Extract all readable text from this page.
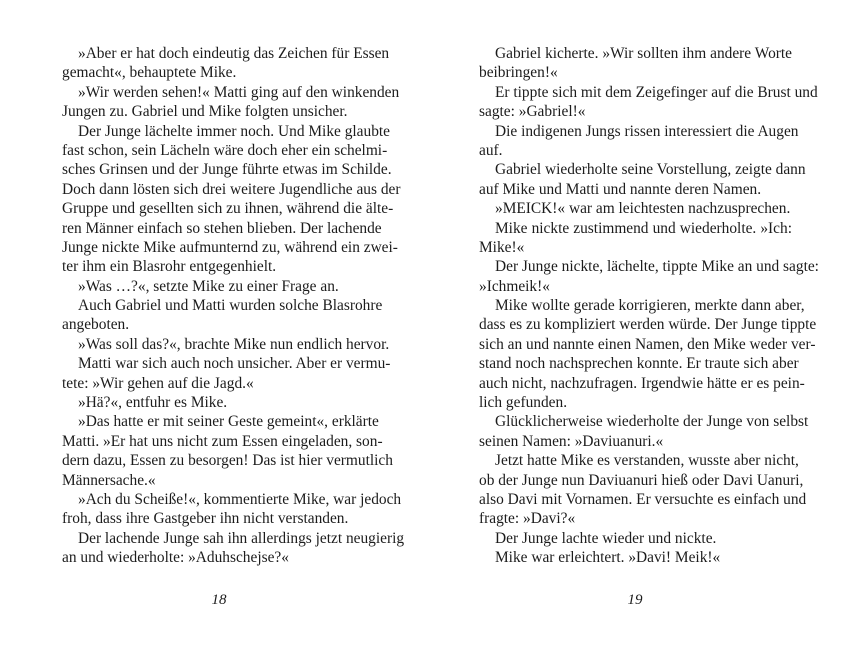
»Aber er hat doch eindeutig das Zeichen für Essen
gemacht«, behauptete Mike.
»Wir werden sehen!« Matti ging auf den winkenden
Jungen zu. Gabriel und Mike folgten unsicher.
Der Junge lächelte immer noch. Und Mike glaubte
fast schon, sein Lächeln wäre doch eher ein schelmi-
sches Grinsen und der Junge führte etwas im Schilde.
Doch dann lösten sich drei weitere Jugendliche aus der
Gruppe und gesellten sich zu ihnen, während die älte-
ren Männer einfach so stehen blieben. Der lachende
Junge nickte Mike aufmunternd zu, während ein zwei-
ter ihm ein Blasrohr entgegenhielt.
»Was …?«, setzte Mike zu einer Frage an.
Auch Gabriel und Matti wurden solche Blasrohre
angeboten.
»Was soll das?«, brachte Mike nun endlich hervor.
Matti war sich auch noch unsicher. Aber er vermu-
tete: »Wir gehen auf die Jagd.«
»Hä?«, entfuhr es Mike.
»Das hatte er mit seiner Geste gemeint«, erklärte
Matti. »Er hat uns nicht zum Essen eingeladen, son-
dern dazu, Essen zu besorgen! Das ist hier vermutlich
Männersache.«
»Ach du Scheiße!«, kommentierte Mike, war jedoch
froh, dass ihre Gastgeber ihn nicht verstanden.
Der lachende Junge sah ihn allerdings jetzt neugierig
an und wiederholte: »Aduhschejse?«
Gabriel kicherte. »Wir sollten ihm andere Worte
beibringen!«
Er tippte sich mit dem Zeigefinger auf die Brust und
sagte: »Gabriel!«
Die indigenen Jungs rissen interessiert die Augen
auf.
Gabriel wiederholte seine Vorstellung, zeigte dann
auf Mike und Matti und nannte deren Namen.
»MEICK!« war am leichtesten nachzusprechen.
Mike nickte zustimmend und wiederholte. »Ich:
Mike!«
Der Junge nickte, lächelte, tippte Mike an und sagte:
»Ichmeik!«
Mike wollte gerade korrigieren, merkte dann aber,
dass es zu kompliziert werden würde. Der Junge tippte
sich an und nannte einen Namen, den Mike weder ver-
stand noch nachsprechen konnte. Er traute sich aber
auch nicht, nachzufragen. Irgendwie hätte er es pein-
lich gefunden.
Glücklicherweise wiederholte der Junge von selbst
seinen Namen: »Daviuanuri.«
Jetzt hatte Mike es verstanden, wusste aber nicht,
ob der Junge nun Daviuanuri hieß oder Davi Uanuri,
also Davi mit Vornamen. Er versuchte es einfach und
fragte: »Davi?«
Der Junge lachte wieder und nickte.
Mike war erleichtert. »Davi! Meik!«
18	19
